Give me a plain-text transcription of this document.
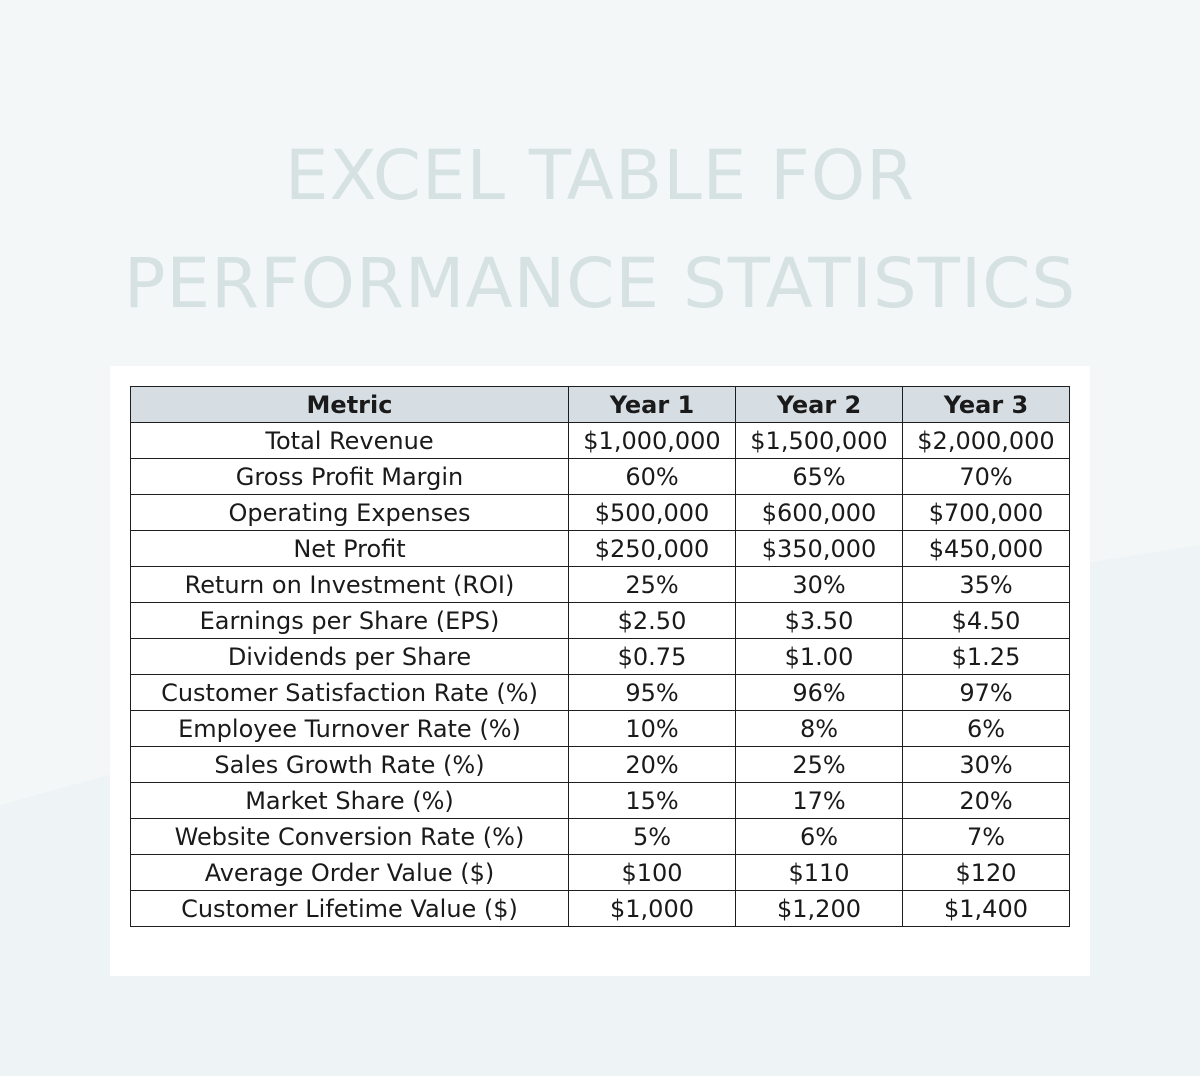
EXCEL TABLE FOR
PERFORMANCE STATISTICS
Metric	Year 1	Year 2	Year 3
Total Revenue	$1,000,000	$1,500,000	$2,000,000
Gross Profit Margin	60%	65%	70%
Operating Expenses	$500,000	$600,000	$700,000
Net Profit	$250,000	$350,000	$450,000
Return on Investment (ROI)	25%	30%	35%
Earnings per Share (EPS)	$2.50	$3.50	$4.50
Dividends per Share	$0.75	$1.00	$1.25
Customer Satisfaction Rate (%)	95%	96%	97%
Employee Turnover Rate (%)	10%	8%	6%
Sales Growth Rate (%)	20%	25%	30%
Market Share (%)	15%	17%	20%
Website Conversion Rate (%)	5%	6%	7%
Average Order Value ($)	$100	$110	$120
Customer Lifetime Value ($)	$1,000	$1,200	$1,400
